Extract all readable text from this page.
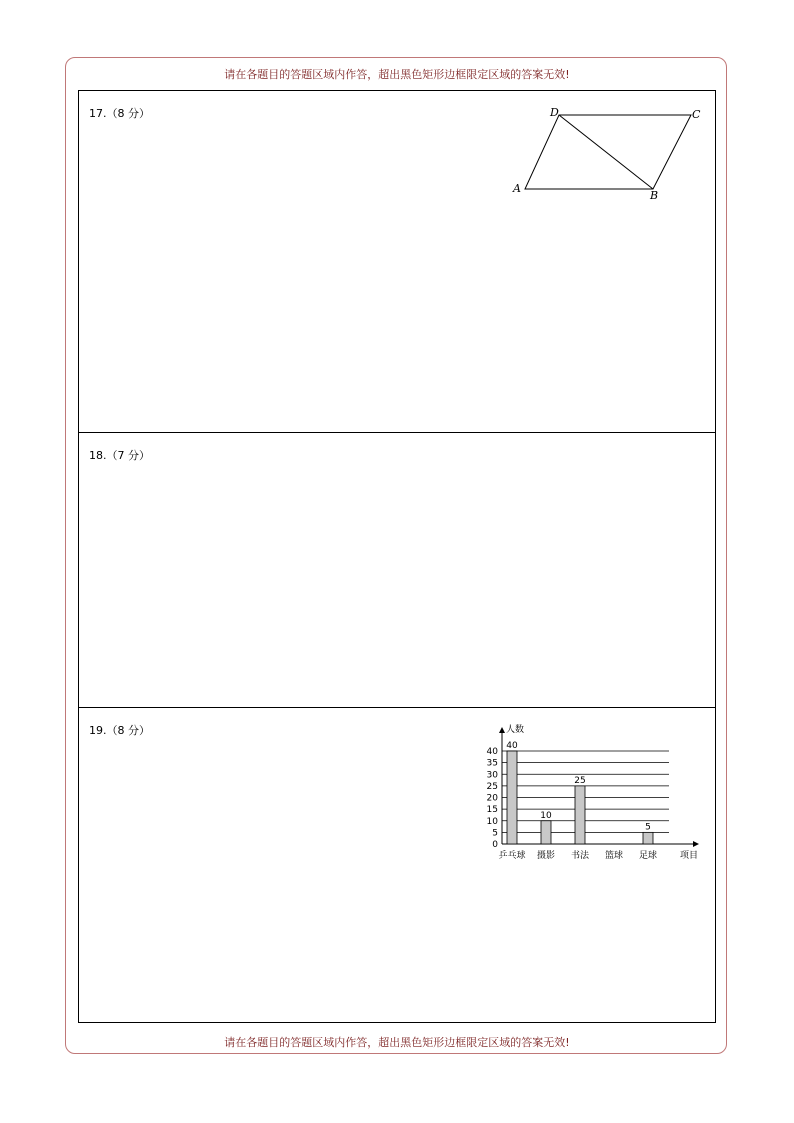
请在各题目的答题区域内作答，超出黑色矩形边框限定区域的答案无效!
17.（8 分）
A
B
C
D
18.（7 分）
19.（8 分）
0
5
10
15
20
25
30
35
40
人数
40
乒乓球
10
摄影
25
书法 篮球
5
足球	项目
请在各题目的答题区域内作答，超出黑色矩形边框限定区域的答案无效!
